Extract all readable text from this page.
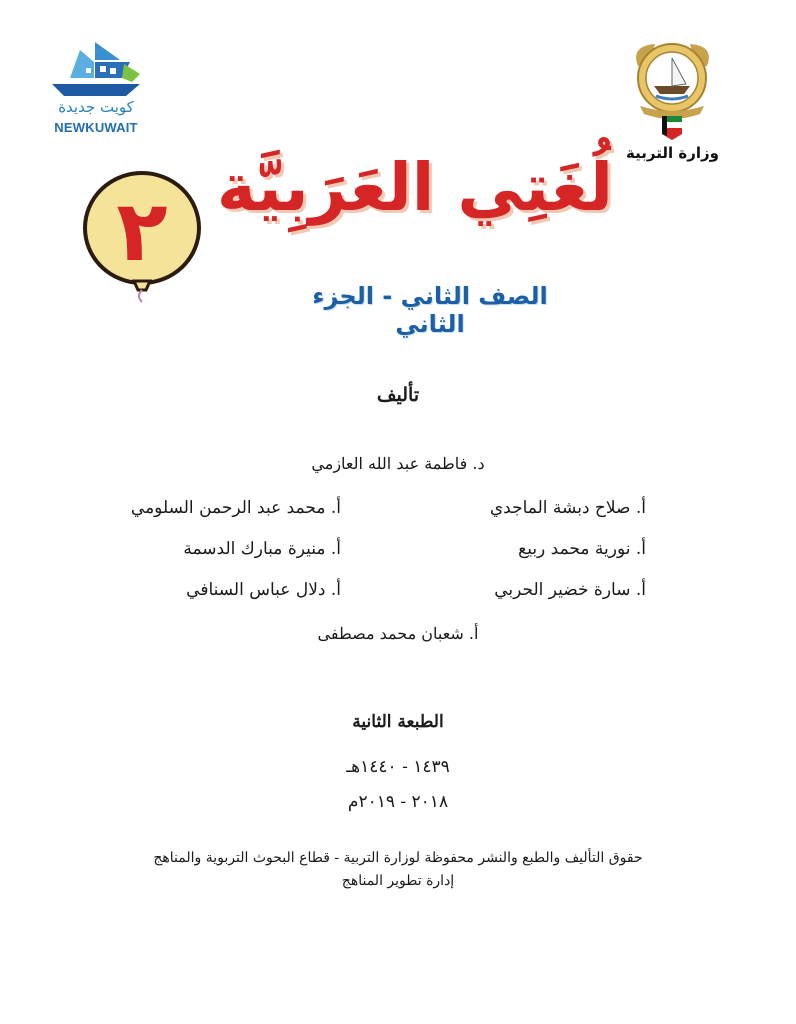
كويت جديدة
NEWKUWAIT
وزارة التربية
٢ لُغَتِي العَرَبِيَّة
الصف الثاني - الجزء الثاني
تأليف
د. فاطمة عبد الله العازمي
أ. صلاح دبشة الماجدي
أ. محمد عبد الرحمن السلومي
أ. نورية محمد ربيع
أ. منيرة مبارك الدسمة
أ. سارة خضير الحربي
أ. دلال عباس السنافي
أ. شعبان محمد مصطفى
الطبعة الثانية
١٤٣٩ - ١٤٤٠هـ
٢٠١٨ - ٢٠١٩م
حقوق التأليف والطبع والنشر محفوظة لوزارة التربية - قطاع البحوث التربوية والمناهج
إدارة تطوير المناهج
